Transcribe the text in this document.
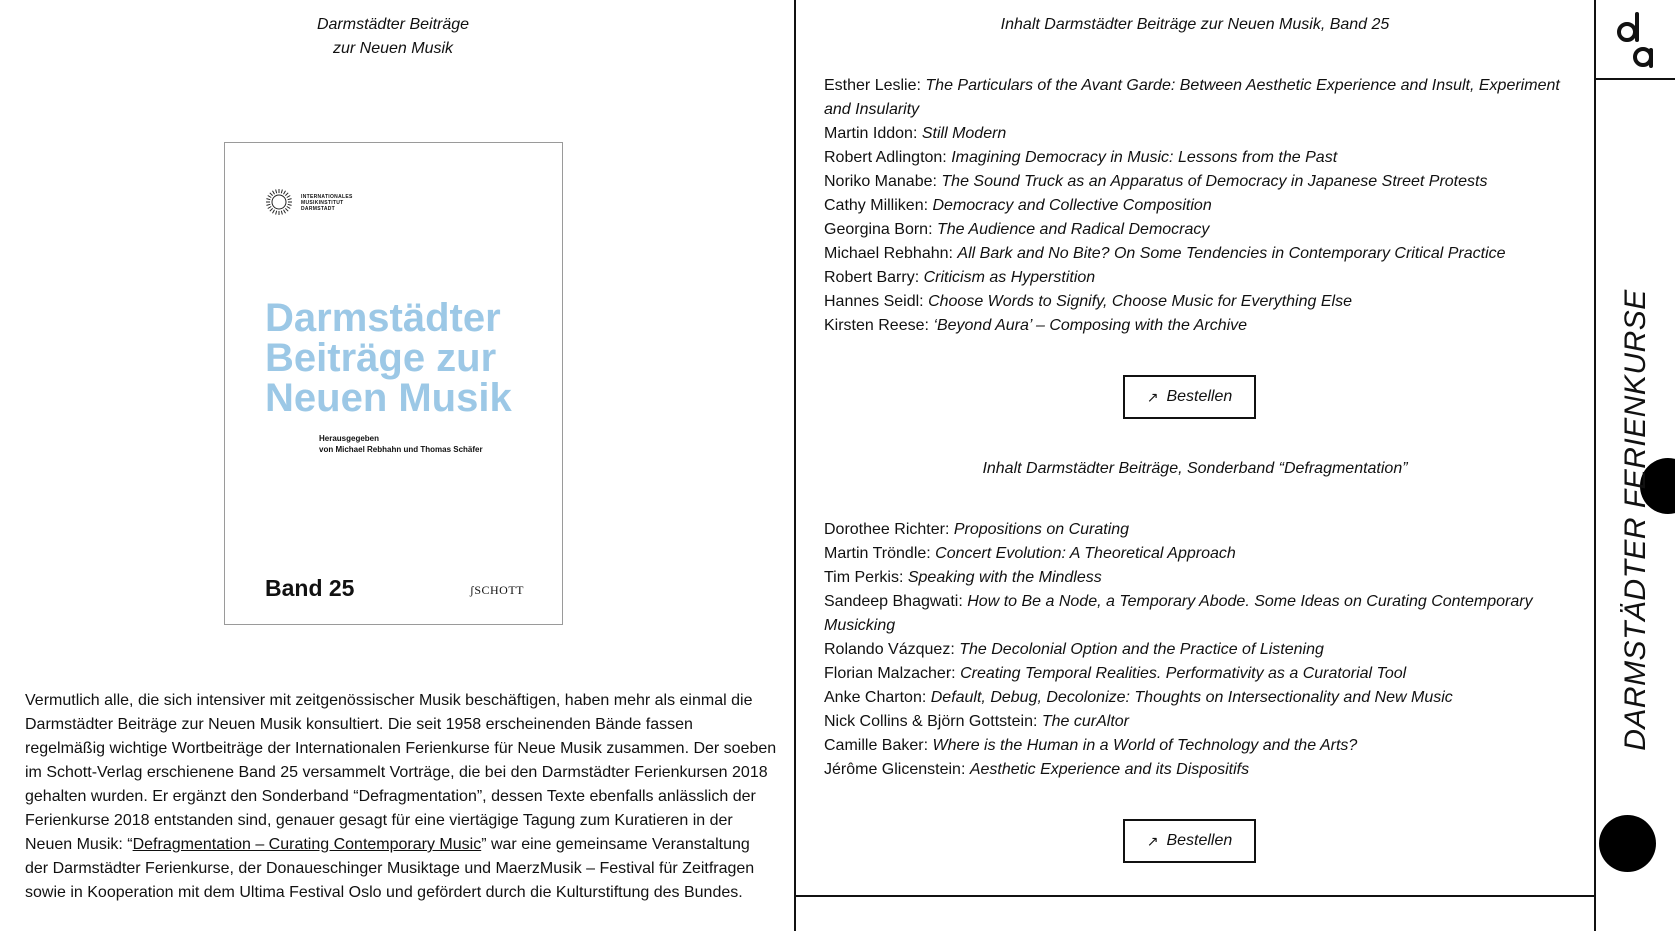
Darmstädter Beiträge
zur Neuen Musik
INTERNATIONALES MUSIKINSTITUT DARMSTADT
Darmstädter
Beiträge zur
Neuen Musik
Herausgegeben
von Michael Rebhahn und Thomas Schäfer
Band 25	ʃSCHOTT
Vermutlich alle, die sich intensiver mit zeitgenössischer Musik beschäftigen, haben mehr als einmal die Darmstädter Beiträge zur Neuen Musik konsultiert. Die seit 1958 erscheinenden Bände fassen regelmäßig wichtige Wortbeiträge der Internationalen Ferienkurse für Neue Musik zusammen. Der soeben im Schott-Verlag erschienene Band 25 versammelt Vorträge, die bei den Darmstädter Ferienkursen 2018 gehalten wurden. Er ergänzt den Sonderband “Defragmentation”, dessen Texte ebenfalls anlässlich der Ferienkurse 2018 entstanden sind, genauer gesagt für eine viertägige Tagung zum Kuratieren in der Neuen Musik: “Defragmentation – Curating Contemporary Music” war eine gemeinsame Veranstaltung der Darmstädter Ferienkurse, der Donaueschinger Musiktage und MaerzMusik – Festival für Zeitfragen sowie in Kooperation mit dem Ultima Festival Oslo und gefördert durch die Kulturstiftung des Bundes.
Inhalt Darmstädter Beiträge zur Neuen Musik, Band 25
Esther Leslie: The Particulars of the Avant Garde: Between Aesthetic Experience and Insult, Experiment and Insularity
Martin Iddon: Still Modern
Robert Adlington: Imagining Democracy in Music: Lessons from the Past
Noriko Manabe: The Sound Truck as an Apparatus of Democracy in Japanese Street Protests
Cathy Milliken: Democracy and Collective Composition
Georgina Born: The Audience and Radical Democracy
Michael Rebhahn: All Bark and No Bite? On Some Tendencies in Contemporary Critical Practice
Robert Barry: Criticism as Hyperstition
Hannes Seidl: Choose Words to Signify, Choose Music for Everything Else
Kirsten Reese: ‘Beyond Aura’ – Composing with the Archive
↗ Bestellen
Inhalt Darmstädter Beiträge, Sonderband “Defragmentation”
Dorothee Richter: Propositions on Curating
Martin Tröndle: Concert Evolution: A Theoretical Approach
Tim Perkis: Speaking with the Mindless
Sandeep Bhagwati: How to Be a Node, a Temporary Abode. Some Ideas on Curating Contemporary Musicking
Rolando Vázquez: The Decolonial Option and the Practice of Listening
Florian Malzacher: Creating Temporal Realities. Performativity as a Curatorial Tool
Anke Charton: Default, Debug, Decolonize: Thoughts on Intersectionality and New Music
Nick Collins & Björn Gottstein: The curAltor
Camille Baker: Where is the Human in a World of Technology and the Arts?
Jérôme Glicenstein: Aesthetic Experience and its Dispositifs
↗ Bestellen
DARMSTÄDTER FERIENKURSE
